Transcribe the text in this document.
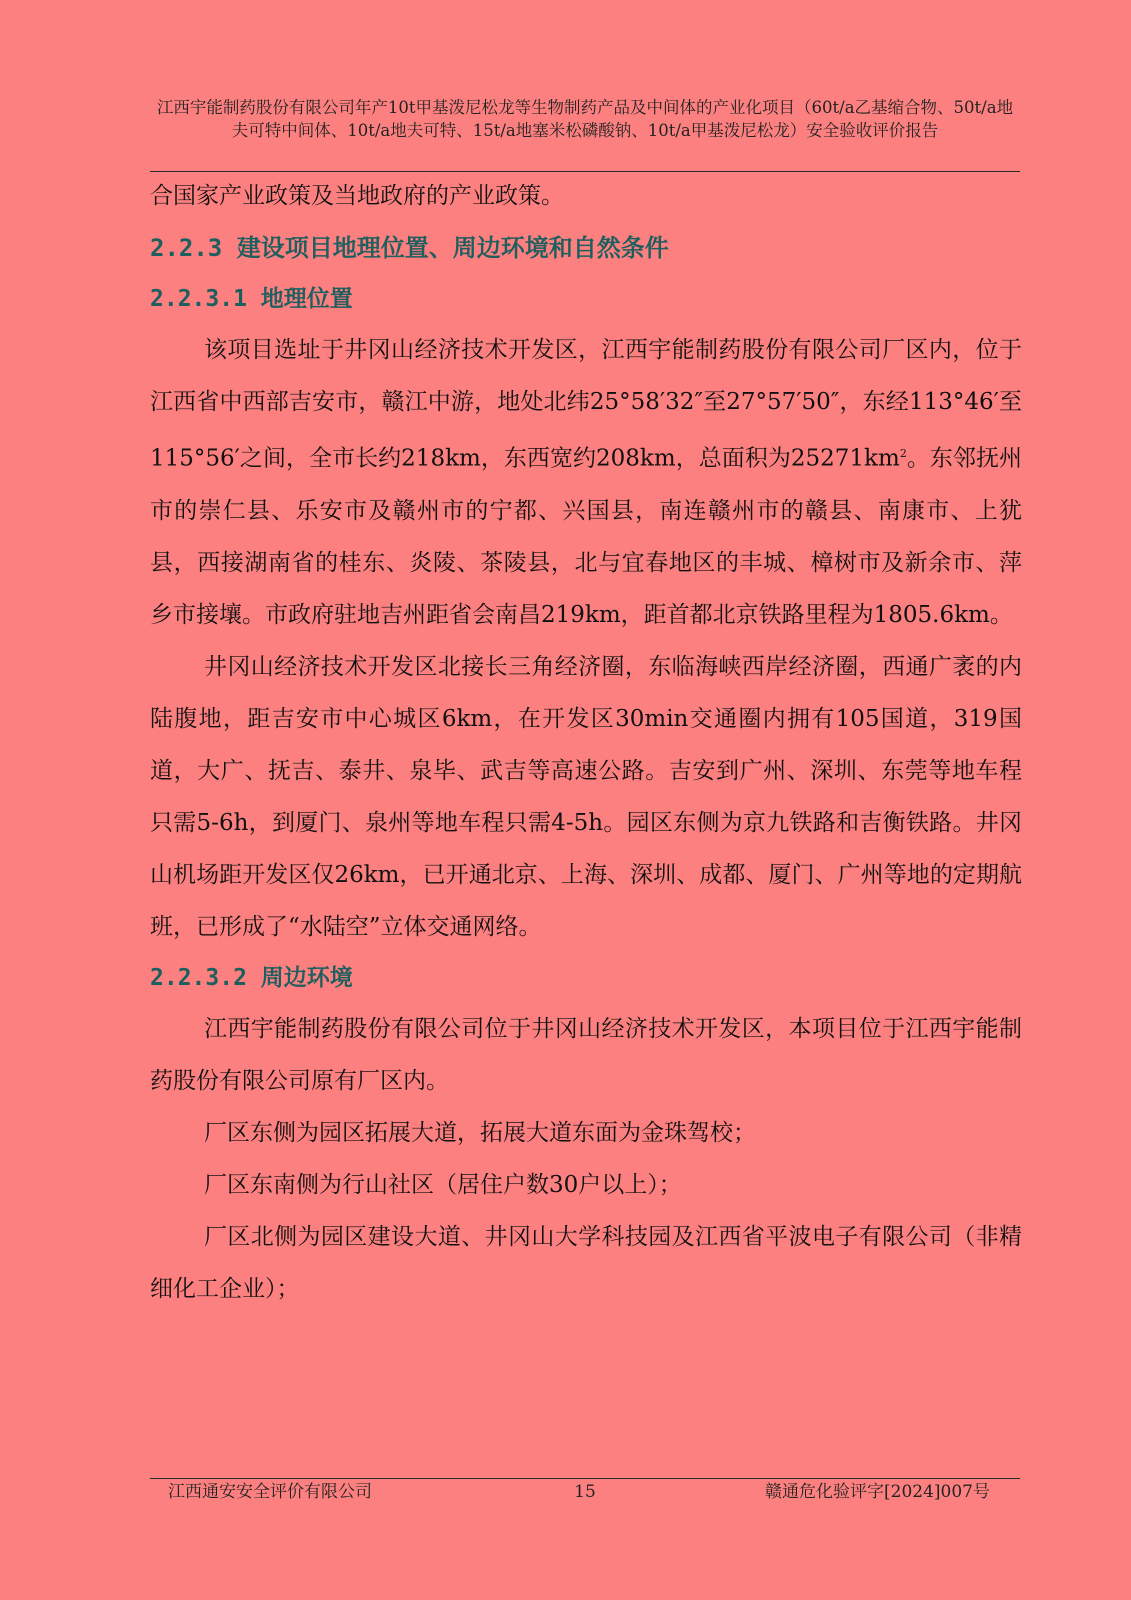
江西宇能制药股份有限公司年产10t甲基泼尼松龙等生物制药产品及中间体的产业化项目（60t/a乙基缩合物、50t/a地夫可特中间体、10t/a地夫可特、15t/a地塞米松磷酸钠、10t/a甲基泼尼松龙）安全验收评价报告

合国家产业政策及当地政府的产业政策。

2.2.3 建设项目地理位置、周边环境和自然条件

2.2.3.1 地理位置

该项目选址于井冈山经济技术开发区，江西宇能制药股份有限公司厂区内，位于江西省中西部吉安市，赣江中游，地处北纬25°58′32″至27°57′50″，东经113°46′至115°56′之间，全市长约218km，东西宽约208km，总面积为$25271km^2$。东邻抚州市的崇仁县、乐安市及赣州市的宁都、兴国县，南连赣州市的赣县、南康市、上犹县，西接湖南省的桂东、炎陵、茶陵县，北与宜春地区的丰城、樟树市及新余市、萍乡市接壤。市政府驻地吉州距省会南昌219km，距首都北京铁路里程为1805.6km。

井冈山经济技术开发区北接长三角经济圈，东临海峡西岸经济圈，西通广袤的内陆腹地，距吉安市中心城区6km，在开发区30min交通圈内拥有105国道，319国道，大广、抚吉、泰井、泉毕、武吉等高速公路。吉安到广州、深圳、东莞等地车程只需5-6h，到厦门、泉州等地车程只需4-5h。园区东侧为京九铁路和吉衡铁路。井冈山机场距开发区仅26km，已开通北京、上海、深圳、成都、厦门、广州等地的定期航班，已形成了“水陆空”立体交通网络。

2.2.3.2 周边环境

江西宇能制药股份有限公司位于井冈山经济技术开发区，本项目位于江西宇能制药股份有限公司原有厂区内。

厂区东侧为园区拓展大道，拓展大道东面为金珠驾校；

厂区东南侧为行山社区（居住户数30户以上）；

厂区北侧为园区建设大道、井冈山大学科技园及江西省平波电子有限公司（非精细化工企业）；

江西通安安全评价有限公司	15	赣通危化验评字[2024]007号
